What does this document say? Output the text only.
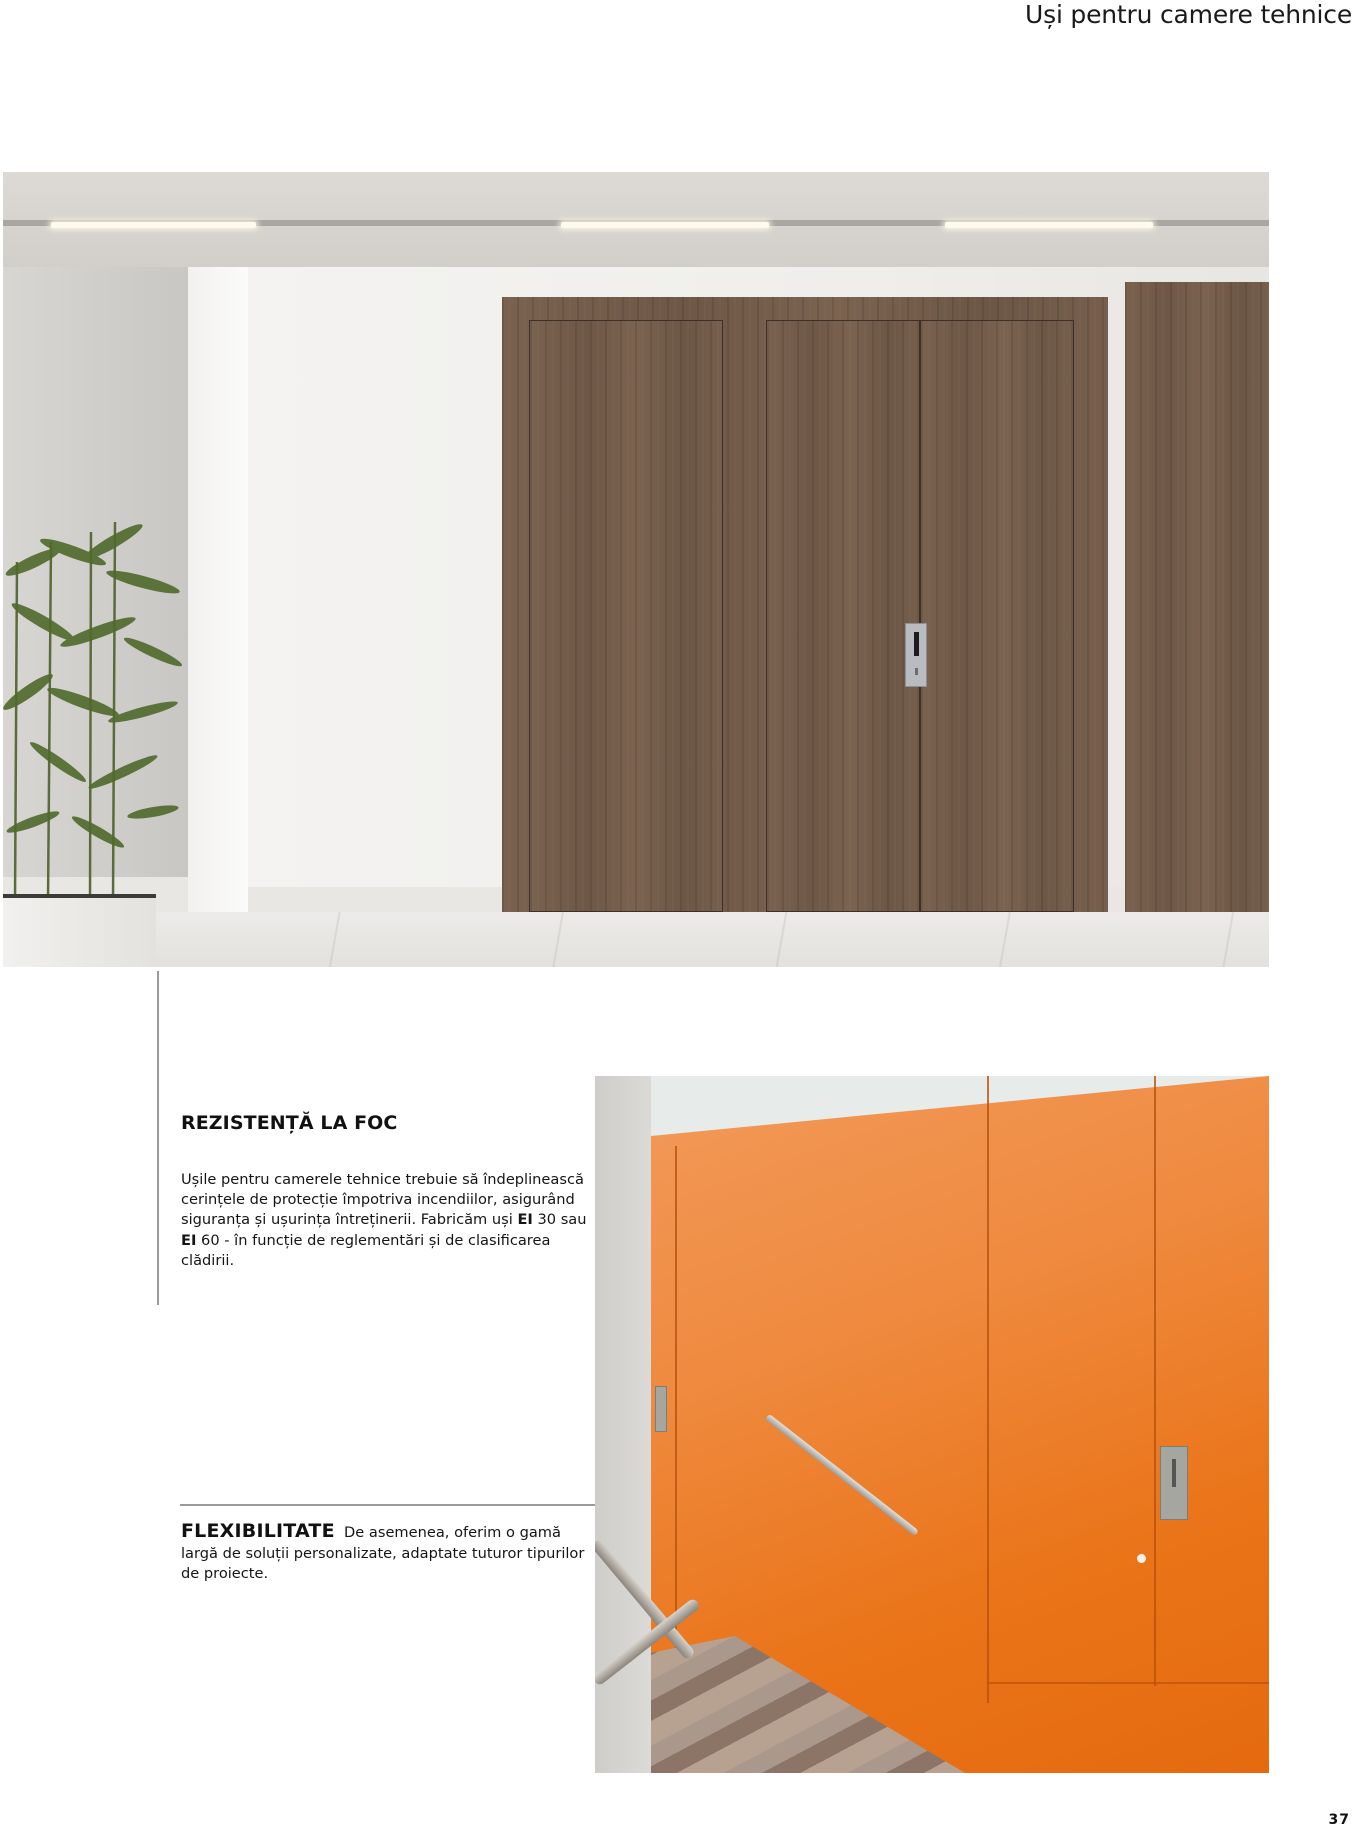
Uși pentru camere tehnice
REZISTENȚĂ LA FOC
Ușile pentru camerele tehnice trebuie să îndeplinească cerințele de protecție împotriva incendiilor, asigurând siguranța și ușurința întreținerii. Fabricăm uși EI 30 sau EI 60 - în funcție de reglementări și de clasificarea clădirii.
FLEXIBILITATE De asemenea, oferim o gamă largă de soluții personalizate, adaptate tuturor tipurilor de proiecte.
37
